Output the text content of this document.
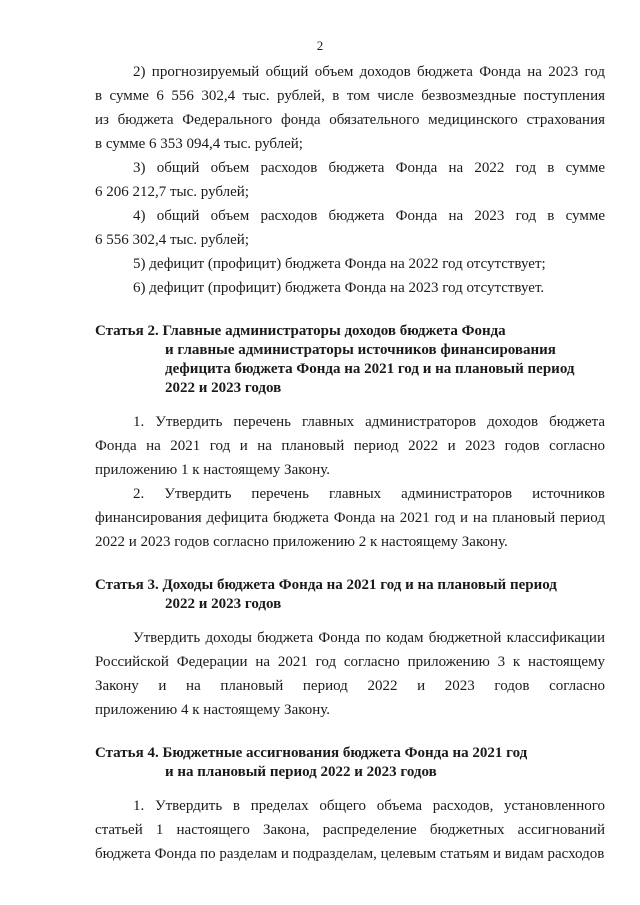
2

2) прогнозируемый общий объем доходов бюджета Фонда на 2023 год

в сумме 6 556 302,4 тыс. рублей, в том числе безвозмездные поступления

из бюджета Федерального фонда обязательного медицинского страхования

в сумме 6 353 094,4 тыс. рублей;

3) общий объем расходов бюджета Фонда на 2022 год в сумме

6 206 212,7 тыс. рублей;

4) общий объем расходов бюджета Фонда на 2023 год в сумме

6 556 302,4 тыс. рублей;

5) дефицит (профицит) бюджета Фонда на 2022 год отсутствует;

6) дефицит (профицит) бюджета Фонда на 2023 год отсутствует.

Статья 2. Главные администраторы доходов бюджета Фонда
и главные администраторы источников финансирования
дефицита бюджета Фонда на 2021 год и на плановый период
2022 и 2023 годов

1. Утвердить перечень главных администраторов доходов бюджета

Фонда на 2021 год и на плановый период 2022 и 2023 годов согласно

приложению 1 к настоящему Закону.

2. Утвердить перечень главных администраторов источников

финансирования дефицита бюджета Фонда на 2021 год и на плановый период

2022 и 2023 годов согласно приложению 2 к настоящему Закону.

Статья 3. Доходы бюджета Фонда на 2021 год и на плановый период
2022 и 2023 годов

Утвердить доходы бюджета Фонда по кодам бюджетной классификации

Российской Федерации на 2021 год согласно приложению 3 к настоящему

Закону и на плановый период 2022 и 2023 годов согласно

приложению 4 к настоящему Закону.

Статья 4. Бюджетные ассигнования бюджета Фонда на 2021 год
и на плановый период 2022 и 2023 годов

1. Утвердить в пределах общего объема расходов, установленного

статьей 1 настоящего Закона, распределение бюджетных ассигнований

бюджета Фонда по разделам и подразделам, целевым статьям и видам расходов
